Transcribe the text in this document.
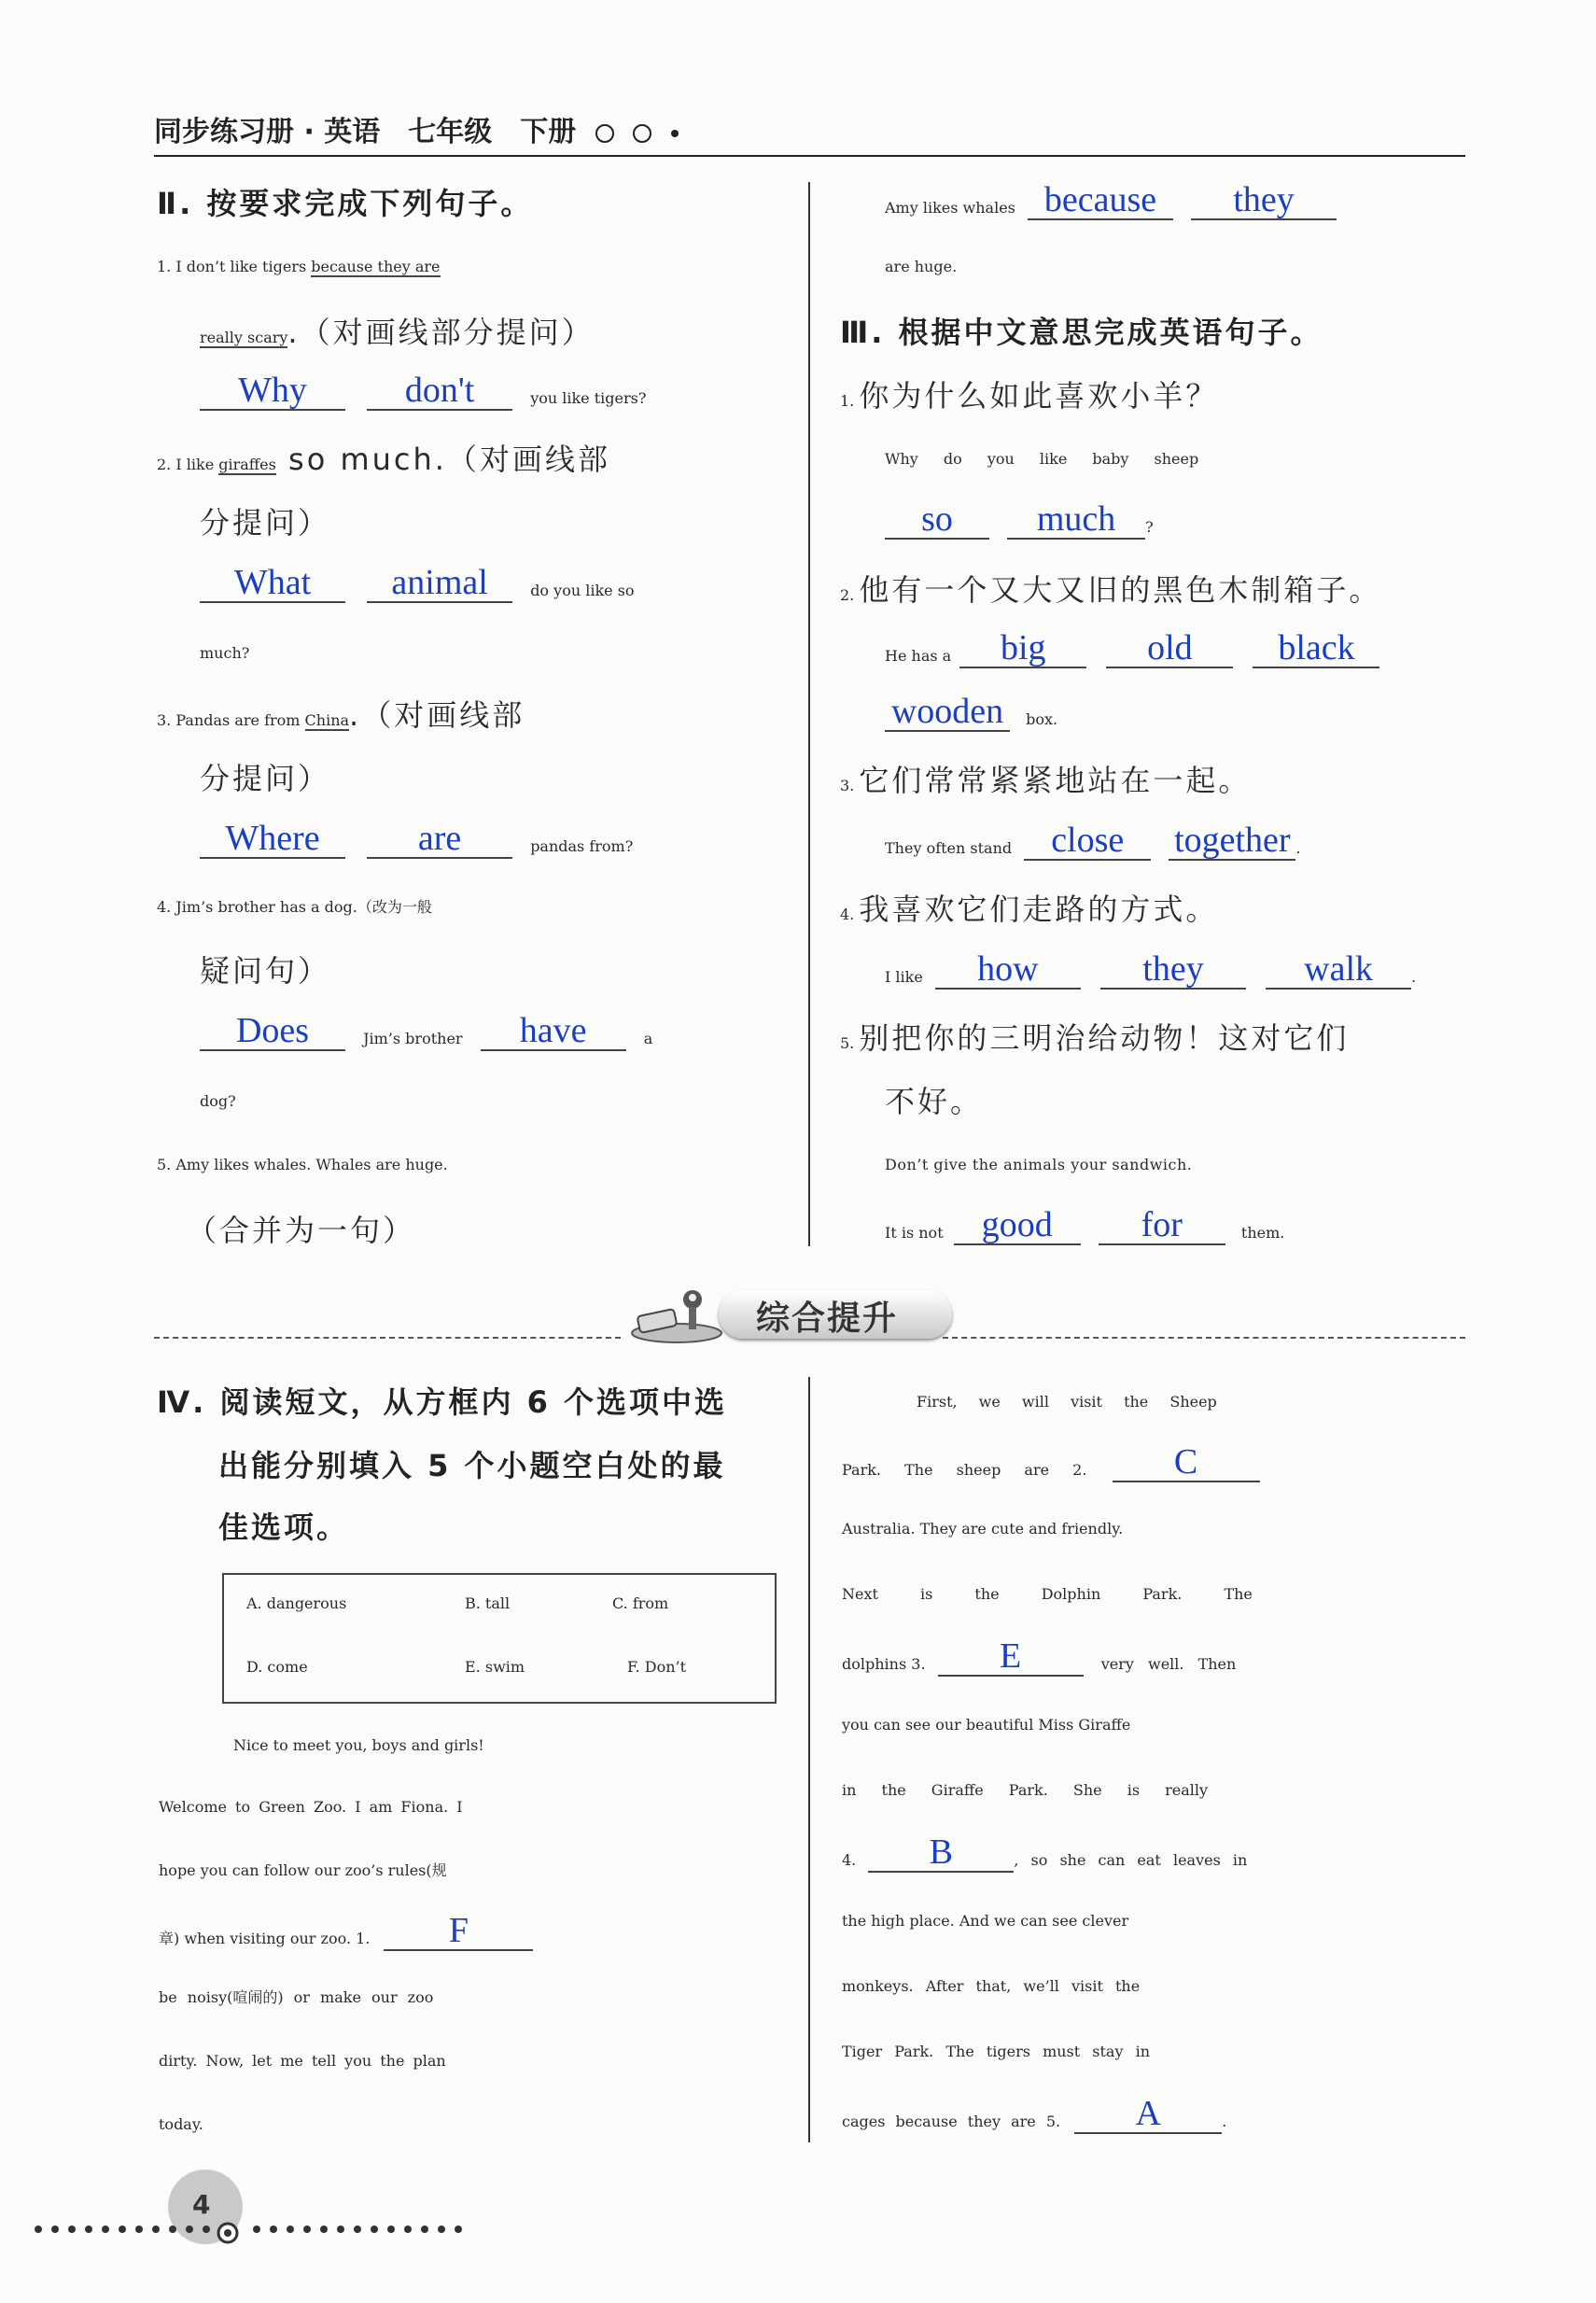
同步练习册 · 英语　七年级　下册
Ⅱ. 按要求完成下列句子。
1. I don’t like tigers because they are
really scary.（对画线部分提问）
Why	don't	you like tigers?
2. I like giraffes so much.（对画线部
分提问）
What animal	do you like so
much?
3. Pandas are from China.（对画线部
分提问）
Where	are	pandas from?
4. Jim’s brother has a dog.（改为一般
疑问句）
Does	Jim’s brother have	a
dog?
5. Amy likes whales. Whales are huge.
（合并为一句）
Amy likes whales because they
are huge.
Ⅲ. 根据中文意思完成英语句子。
1. 你为什么如此喜欢小羊？
Why do you like baby sheep
so much ?
2. 他有一个又大又旧的黑色木制箱子。
He has a big	old black
wooden box.
3. 它们常常紧紧地站在一起。
They often stand close together .
4. 我喜欢它们走路的方式。
I like how	they	walk	.
5. 别把你的三明治给动物！这对它们
不好。
Don’t give the animals your sandwich.
It is not good for	them.
综合提升
Ⅳ. 阅读短文，从方框内 6 个选项中选
出能分别填入 5 个小题空白处的最
佳选项。
A. dangerous	B. tall	C. from
D. come	E. swim	F. Don’t
Nice to meet you, boys and girls!
Welcome to Green Zoo. I am Fiona. I
hope you can follow our zoo’s rules(规
章) when visiting our zoo. 1. F
be noisy(喧闹的) or make our zoo
dirty. Now, let me tell you the plan
today.
First, we will visit the Sheep
Park. The sheep are 2. C
Australia. They are cute and friendly.
Next is the Dolphin Park. The
dolphins 3. E	very well. Then
you can see our beautiful Miss Giraffe
in the Giraffe Park. She is really
4. B	, so she can eat leaves in
the high place. And we can see clever
monkeys. After that, we’ll visit the
Tiger Park. The tigers must stay in
cages because they are 5. A	.
4
